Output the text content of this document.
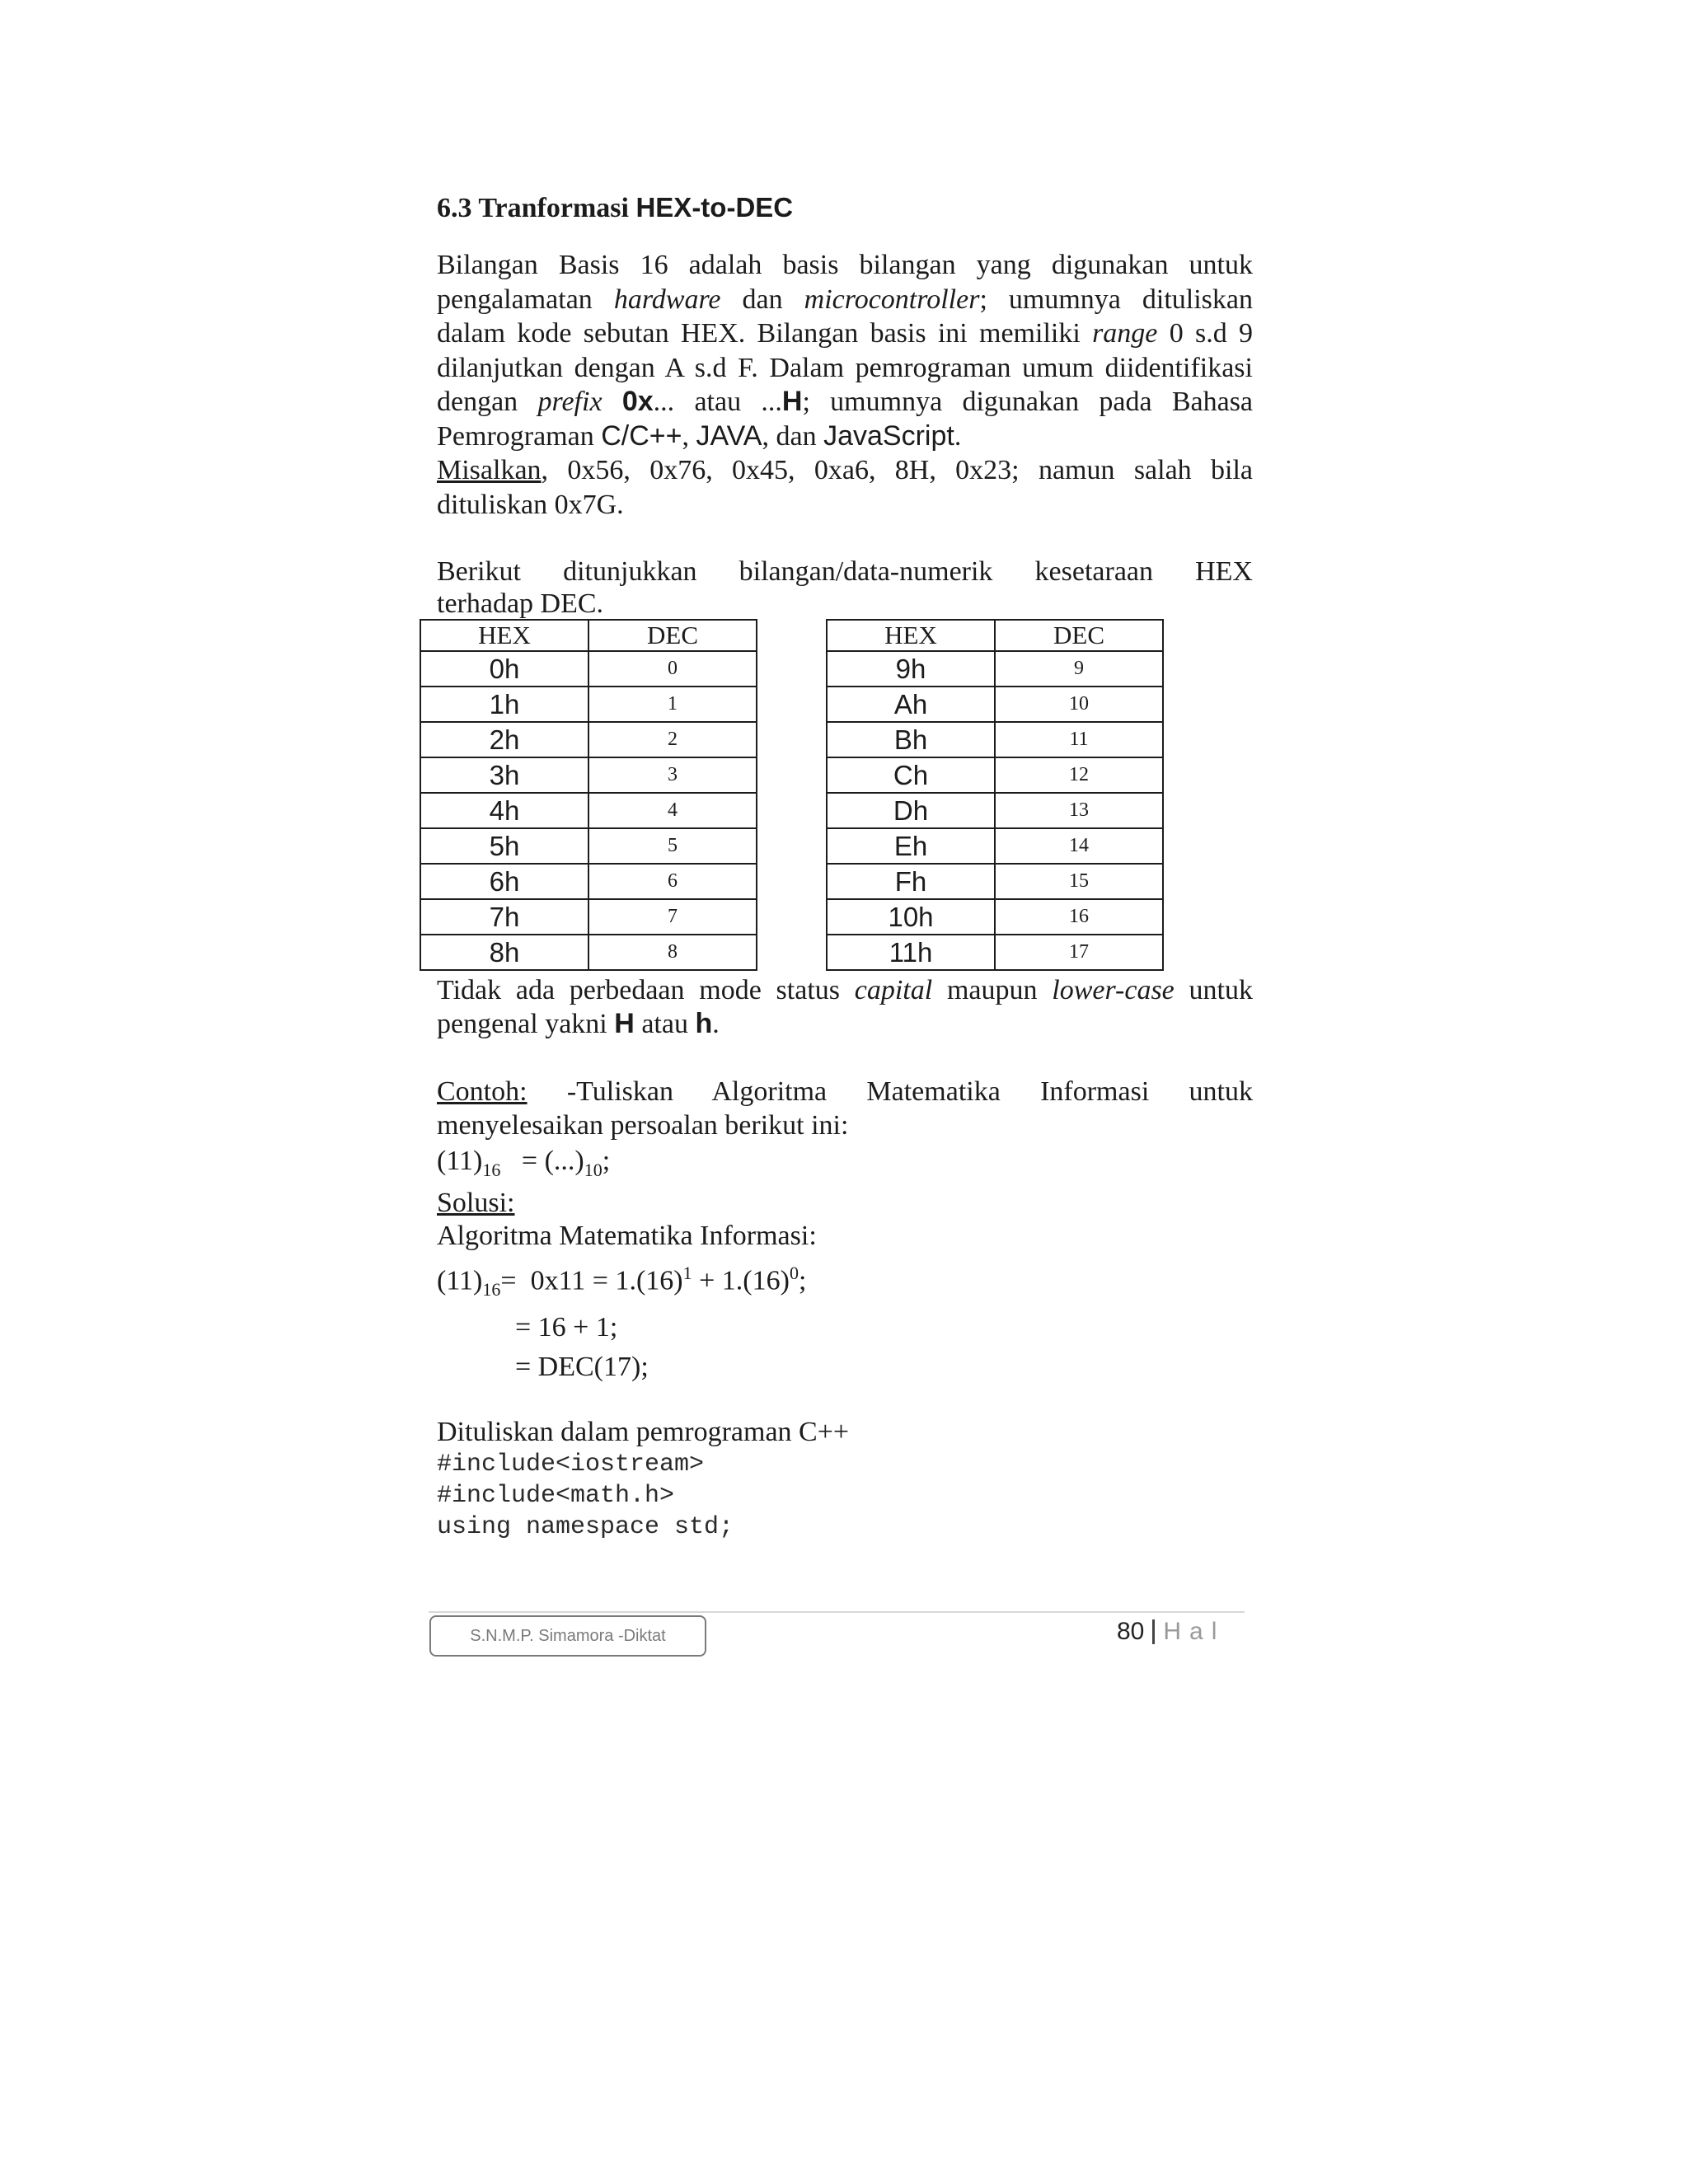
6.3 Tranformasi HEX-to-DEC

Bilangan Basis 16 adalah basis bilangan yang digunakan untuk pengalamatan hardware dan microcontroller; umumnya dituliskan dalam kode sebutan HEX. Bilangan basis ini memiliki range 0 s.d 9 dilanjutkan dengan A s.d F. Dalam pemrograman umum diidentifikasi dengan prefix 0x... atau ...H; umumnya digunakan pada Bahasa Pemrograman C/C++, JAVA, dan JavaScript.
Misalkan, 0x56, 0x76, 0x45, 0xa6, 8H, 0x23; namun salah bila dituliskan 0x7G.

Berikut ditunjukkan bilangan/data-numerik kesetaraan HEX

terhadap DEC.

HEX	DEC
0h	0
1h	1
2h	2
3h	3
4h	4
5h	5
6h	6
7h	7
8h	8
HEX	DEC
9h	9
Ah	10
Bh	11
Ch	12
Dh	13
Eh	14
Fh	15
10h	16
11h	17

Tidak ada perbedaan mode status capital maupun lower-case untuk pengenal yakni H atau h.

Contoh: -Tuliskan Algoritma Matematika Informasi untuk menyelesaikan persoalan berikut ini:

$(11)_{16} = (...)_{10}$;

Solusi:

Algoritma Matematika Informasi:

$(11)_{16}= 0x11 = 1.(16)^1 + 1.(16)^0$;
= 16 + 1;
= DEC(17);

Dituliskan dalam pemrograman C++

#include<iostream>
#include<math.h>
using namespace std;
S.N.M.P. Simamora -Diktat	80 Hal
